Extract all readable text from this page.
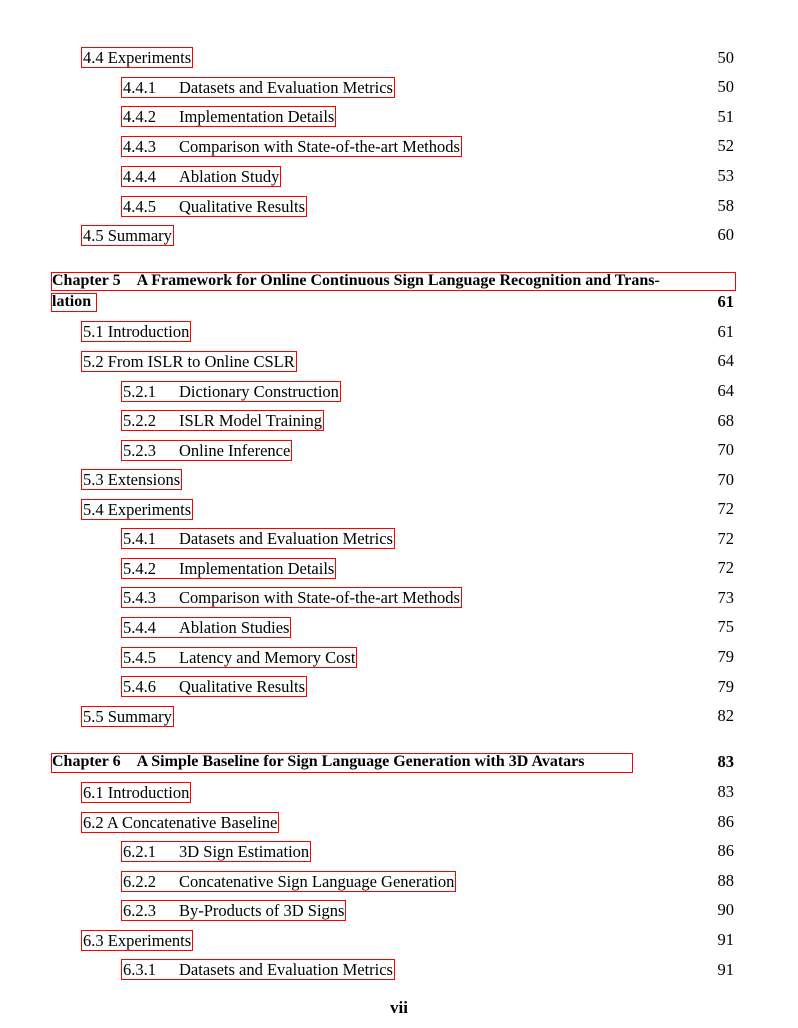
4.4 Experiments	50
4.4.1 Datasets and Evaluation Metrics	50
4.4.2 Implementation Details	51
4.4.3 Comparison with State-of-the-art Methods	52
4.4.4 Ablation Study	53
4.4.5 Qualitative Results	58
4.5 Summary	60
Chapter 5 A Framework for Online Continuous Sign Language Recognition and Trans-
lation	61
5.1 Introduction	61
5.2 From ISLR to Online CSLR	64
5.2.1 Dictionary Construction	64
5.2.2 ISLR Model Training	68
5.2.3 Online Inference	70
5.3 Extensions	70
5.4 Experiments	72
5.4.1 Datasets and Evaluation Metrics	72
5.4.2 Implementation Details	72
5.4.3 Comparison with State-of-the-art Methods	73
5.4.4 Ablation Studies	75
5.4.5 Latency and Memory Cost	79
5.4.6 Qualitative Results	79
5.5 Summary	82
Chapter 6 A Simple Baseline for Sign Language Generation with 3D Avatars	83
6.1 Introduction	83
6.2 A Concatenative Baseline	86
6.2.1 3D Sign Estimation	86
6.2.2 Concatenative Sign Language Generation	88
6.2.3 By-Products of 3D Signs	90
6.3 Experiments	91
6.3.1 Datasets and Evaluation Metrics	91
vii
